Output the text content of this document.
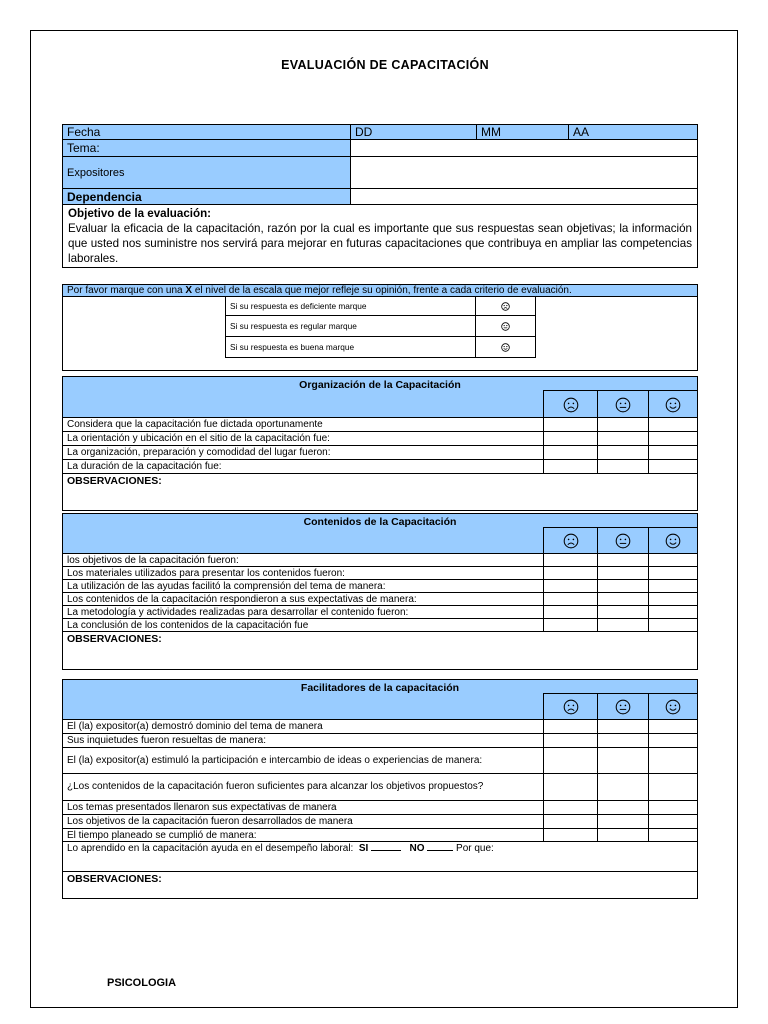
EVALUACIÓN DE CAPACITACIÓN
Fecha	DD	MM	AA
Tema:
Expositores
Dependencia
Objetivo de la evaluación:
Evaluar la eficacia de la capacitación, razón por la cual es importante que sus respuestas sean objetivas; la información que usted nos suministre nos servirá para mejorar en futuras capacitaciones que contribuya en ampliar las competencias laborales.
Por favor marque con una
X
el nivel de la escala que mejor refleje su opinión, frente a cada criterio de evaluación.
Si su respuesta es deficiente marque
Si su respuesta es regular marque
Si su respuesta es buena marque
Organización de la Capacitación
Considera que la capacitación fue dictada oportunamente
La orientación y ubicación en el sitio de la capacitación fue:
La organización, preparación y comodidad del lugar fueron:
La duración de la capacitación fue:
OBSERVACIONES:
Contenidos de la Capacitación
los objetivos de la capacitación fueron:
Los materiales utilizados para presentar los contenidos fueron:
La utilización de las ayudas facilitó la comprensión del tema de manera:
Los contenidos de la capacitación respondieron a sus expectativas de manera:
La metodología y actividades realizadas para desarrollar el contenido fueron:
La conclusión de los contenidos de la capacitación fue
OBSERVACIONES:
Facilitadores de la capacitación
El (la) expositor(a) demostró dominio del tema de manera
Sus inquietudes fueron resueltas de manera:
El (la) expositor(a) estimuló la participación e intercambio de ideas o experiencias de manera:
¿Los contenidos de la capacitación fueron suficientes para alcanzar los objetivos propuestos?
Los temas presentados llenaron sus expectativas de manera
Los objetivos de la capacitación fueron desarrollados de manera
El tiempo planeado se cumplió de manera:
Lo aprendido en la capacitación ayuda en el desempeño laboral: SI	NO	Por que:
OBSERVACIONES:
PSICOLOGIA
